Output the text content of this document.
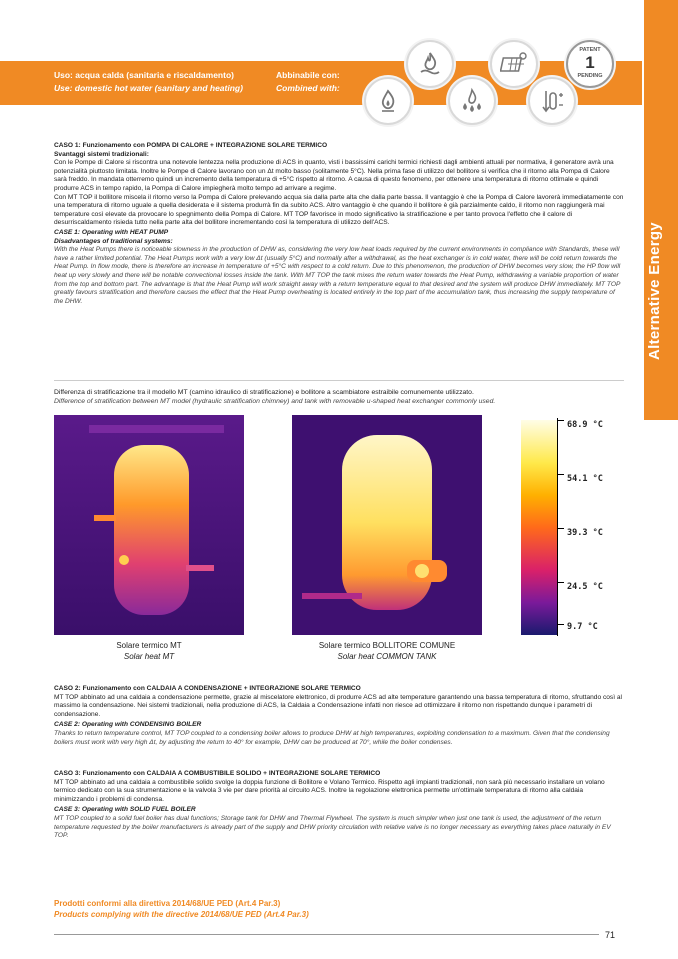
Uso: acqua calda (sanitaria e riscaldamento)
Use: domestic hot water (sanitary and heating)
Abbinabile con:
Combined with:
Alternative Energy
PATENT
1
PENDING

CASO 1: Funzionamento con POMPA DI CALORE + INTEGRAZIONE SOLARE TERMICO

Svantaggi sistemi tradizionali:

Con le Pompe di Calore si riscontra una notevole lentezza nella produzione di ACS in quanto, visti i bassissimi carichi termici richiesti dagli ambienti attuali per normativa, il generatore avrà una potenzialità piuttosto limitata. Inoltre le Pompe di Calore lavorano con un Δt molto basso (solitamente 5°C). Nella prima fase di utilizzo del bollitore si verifica che il ritorno alla Pompa di Calore sarà freddo. In mandata otterremo quindi un incremento della temperatura di +5°C rispetto al ritorno. A causa di questo fenomeno, per ottenere una temperatura di ritorno ottimale e quindi produrre ACS in tempo rapido, la Pompa di Calore impiegherà molto tempo ad arrivare a regime.

Con MT TOP il bollitore miscela il ritorno verso la Pompa di Calore prelevando acqua sia dalla parte alta che dalla parte bassa. Il vantaggio è che la Pompa di Calore lavorerà immediatamente con una temperatura di ritorno uguale a quella desiderata e il sistema produrrà fin da subito ACS. Altro vantaggio è che quando il bollitore è già parzialmente caldo, il ritorno non raggiungerà mai temperature così elevate da provocare lo spegnimento della Pompa di Calore. MT TOP favorisce in modo significativo la stratificazione e per tanto provoca l'effetto che il calore di desurriscaldamento risieda tutto nella parte alta del bollitore incrementando così la temperatura di utilizzo dell'ACS.

CASE 1: Operating with HEAT PUMP

Disadvantages of traditional systems:

With the Heat Pumps there is noticeable slowness in the production of DHW as, considering the very low heat loads required by the current environments in compliance with Standards, these will have a rather limited potential. The Heat Pumps work with a very low Δt (usually 5°C) and normally after a withdrawal, as the heat exchanger is in cold water, there will be cold return towards the Heat Pump. In flow mode, there is therefore an increase in temperature of +5°C with respect to a cold return. Due to this phenomenon, the production of DHW becomes very slow, the HP flow will heat up very slowly and there will be notable convectional losses inside the tank. With MT TOP the tank mixes the return water towards the Heat Pump, withdrawing a variable proportion of water from the top and bottom part. The advantage is that the Heat Pump will work straight away with a return temperature equal to that desired and the system will produce DHW immediately. MT TOP greatly favours stratification and therefore causes the effect that the Heat Pump overheating is located entirely in the top part of the accumulation tank, thus increasing the supply temperature of the DHW.

Differenza di stratificazione tra il modello MT (camino idraulico di stratificazione) e bollitore a scambiatore estraibile comunemente utilizzato.

Difference of stratification between MT model (hydraulic stratification chimney) and tank with removable u-shaped heat exchanger commonly used.

68.9 °C
54.1 °C
39.3 °C
24.5 °C
9.7 °C
Solare termico MT
Solar heat MT
Solare termico BOLLITORE COMUNE
Solar heat COMMON TANK

CASO 2: Funzionamento con CALDAIA A CONDENSAZIONE + INTEGRAZIONE SOLARE TERMICO

MT TOP abbinato ad una caldaia a condensazione permette, grazie al miscelatore elettronico, di produrre ACS ad alte temperature garantendo una bassa temperatura di ritorno, sfruttando così al massimo la condensazione. Nei sistemi tradizionali, nella produzione di ACS, la Caldaia a Condensazione infatti non riesce ad ottimizzare il ritorno non rispettando dunque i parametri di condensazione.

CASE 2: Operating with CONDENSING BOILER

Thanks to return temperature control, MT TOP coupled to a condensing boiler allows to produce DHW at high temperatures, exploiting condensation to a maximum. Given that the condensing boilers must work with very high Δt, by adjusting the return to 40° for example, DHW can be produced at 70°, while the boiler condenses.

CASO 3: Funzionamento con CALDAIA A COMBUSTIBILE SOLIDO + INTEGRAZIONE SOLARE TERMICO

MT TOP abbinato ad una caldaia a combustibile solido svolge la doppia funzione di Bollitore e Volano Termico. Rispetto agli impianti tradizionali, non sarà più necessario installare un volano termico dedicato con la sua strumentazione e la valvola 3 vie per dare priorità al circuito ACS. Inoltre la regolazione elettronica permette un'ottimale temperatura di ritorno alla caldaia minimizzando i problemi di condensa.

CASE 3: Operating with SOLID FUEL BOILER

MT TOP coupled to a solid fuel boiler has dual functions; Storage tank for DHW and Thermal Flywheel. The system is much simpler when just one tank is used, the adjustment of the return temperature requested by the boiler manufacturers is already part of the supply and DHW priority circulation with relative valve is no longer necessary as everything takes place naturally in EV TOP.

Prodotti conformi alla direttiva 2014/68/UE PED (Art.4 Par.3)
Products complying with the directive 2014/68/UE PED (Art.4 Par.3)
71
